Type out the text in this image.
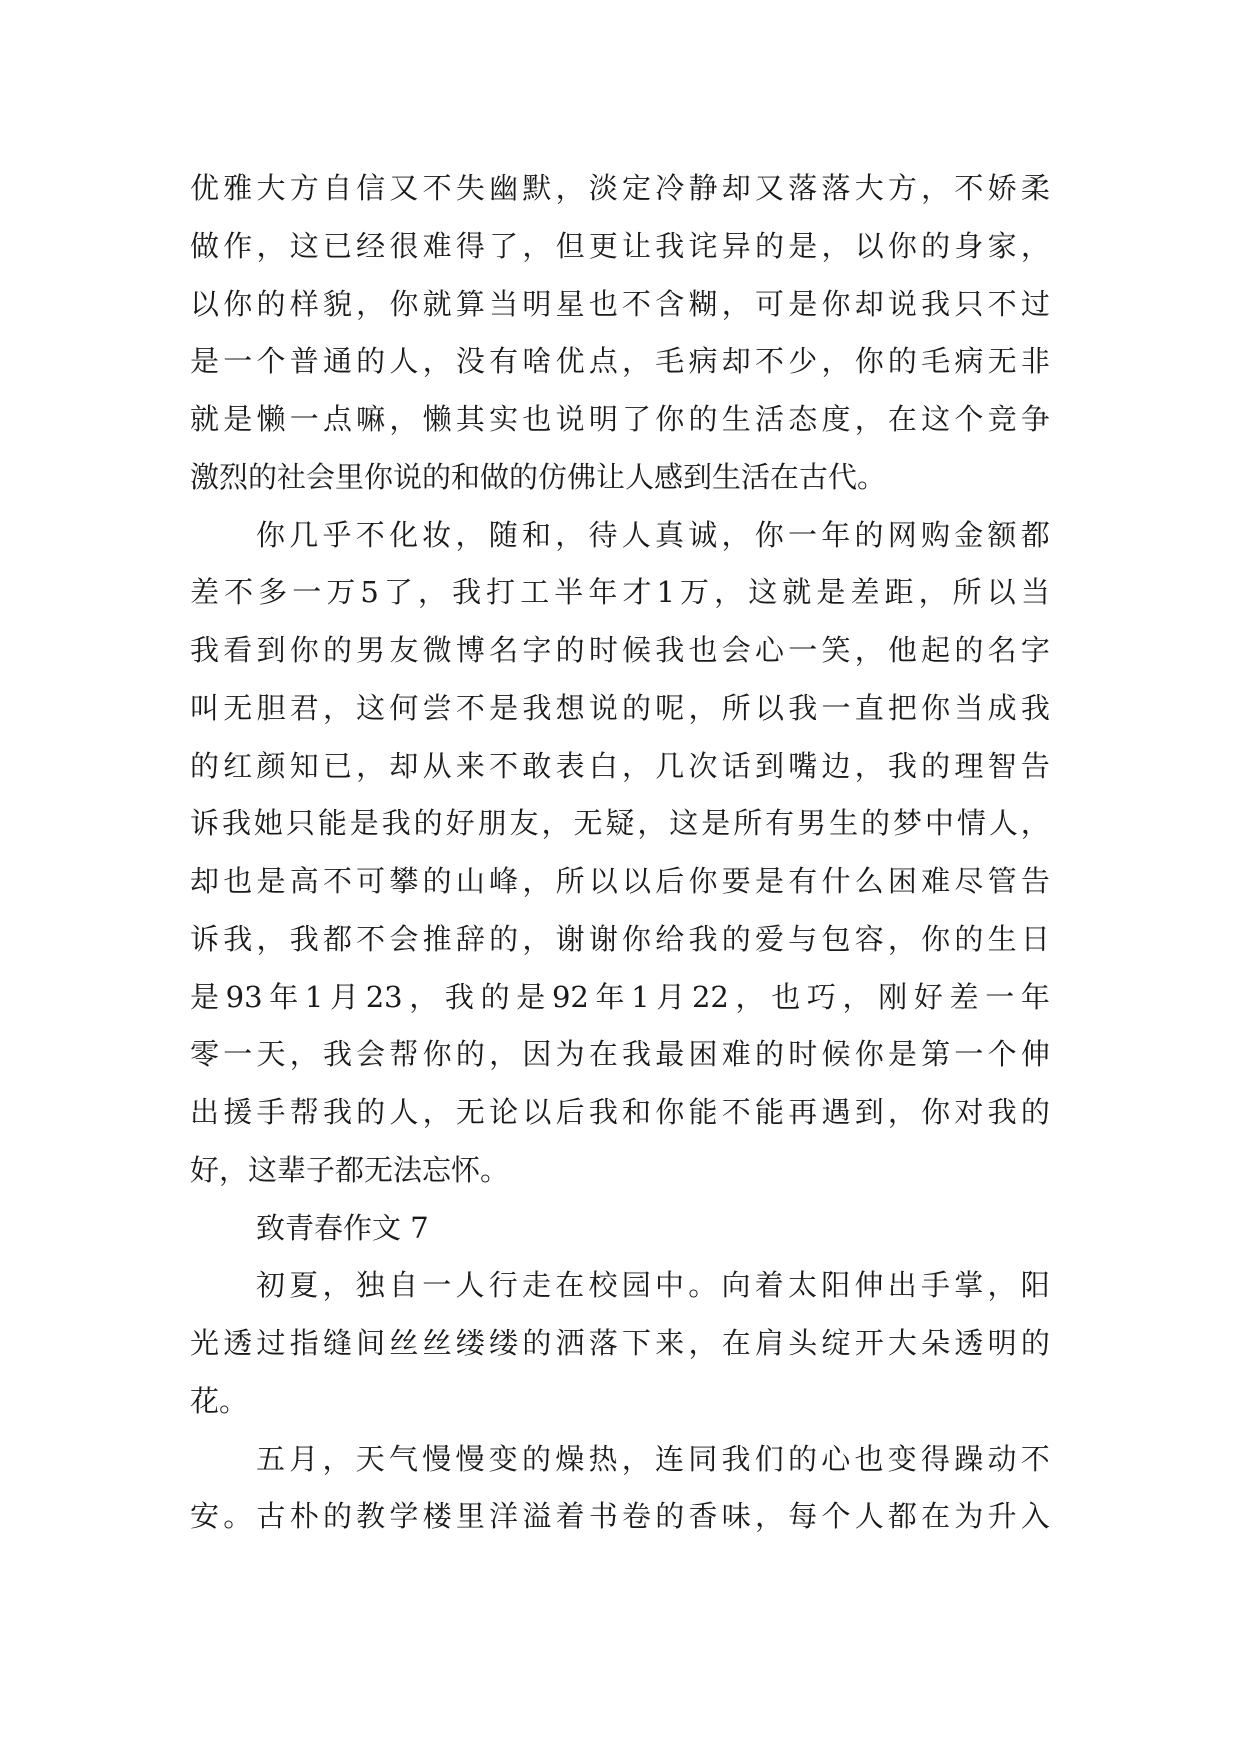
优 雅 大 方 自 信 又 不 失 幽 默 ， 淡 定 冷 静 却 又 落 落 大 方 ， 不 娇 柔
做 作 ， 这 已 经 很 难 得 了 ， 但 更 让 我 诧 异 的 是 ， 以 你 的 身 家 ，
以 你 的 样 貌 ， 你 就 算 当 明 星 也 不 含 糊 ， 可 是 你 却 说 我 只 不 过
是 一 个 普 通 的 人 ， 没 有 啥 优 点 ， 毛 病 却 不 少 ， 你 的 毛 病 无 非
就 是 懒 一 点 嘛 ， 懒 其 实 也 说 明 了 你 的 生 活 态 度 ， 在 这 个 竞 争
激烈的社会里你说的和做的仿佛让人感到生活在古代。
你 几 乎 不 化 妆 ， 随 和 ， 待 人 真 诚 ， 你 一 年 的 网 购 金 额 都
差 不 多 一 万 5 了 ， 我 打 工 半 年 才 1 万 ， 这 就 是 差 距 ， 所 以 当
我 看 到 你 的 男 友 微 博 名 字 的 时 候 我 也 会 心 一 笑 ， 他 起 的 名 字
叫 无 胆 君 ， 这 何 尝 不 是 我 想 说 的 呢 ， 所 以 我 一 直 把 你 当 成 我
的 红 颜 知 已 ， 却 从 来 不 敢 表 白 ， 几 次 话 到 嘴 边 ， 我 的 理 智 告
诉 我 她 只 能 是 我 的 好 朋 友 ， 无 疑 ， 这 是 所 有 男 生 的 梦 中 情 人 ，
却 也 是 高 不 可 攀 的 山 峰 ， 所 以 以 后 你 要 是 有 什 么 困 难 尽 管 告
诉 我 ， 我 都 不 会 推 辞 的 ， 谢 谢 你 给 我 的 爱 与 包 容 ， 你 的 生 日
是 93 年 1 月 23 ， 我 的 是 92 年 1 月 22 ， 也 巧 ， 刚 好 差 一 年
零 一 天 ， 我 会 帮 你 的 ， 因 为 在 我 最 困 难 的 时 候 你 是 第 一 个 伸
出 援 手 帮 我 的 人 ， 无 论 以 后 我 和 你 能 不 能 再 遇 到 ， 你 对 我 的
好，这辈子都无法忘怀。
致青春作文 7
初 夏 ， 独 自 一 人 行 走 在 校 园 中 。 向 着 太 阳 伸 出 手 掌 ， 阳
光 透 过 指 缝 间 丝 丝 缕 缕 的 洒 落 下 来 ， 在 肩 头 绽 开 大 朵 透 明 的
花。
五 月 ， 天 气 慢 慢 变 的 燥 热 ， 连 同 我 们 的 心 也 变 得 躁 动 不
安 。 古 朴 的 教 学 楼 里 洋 溢 着 书 卷 的 香 味 ， 每 个 人 都 在 为 升 入
